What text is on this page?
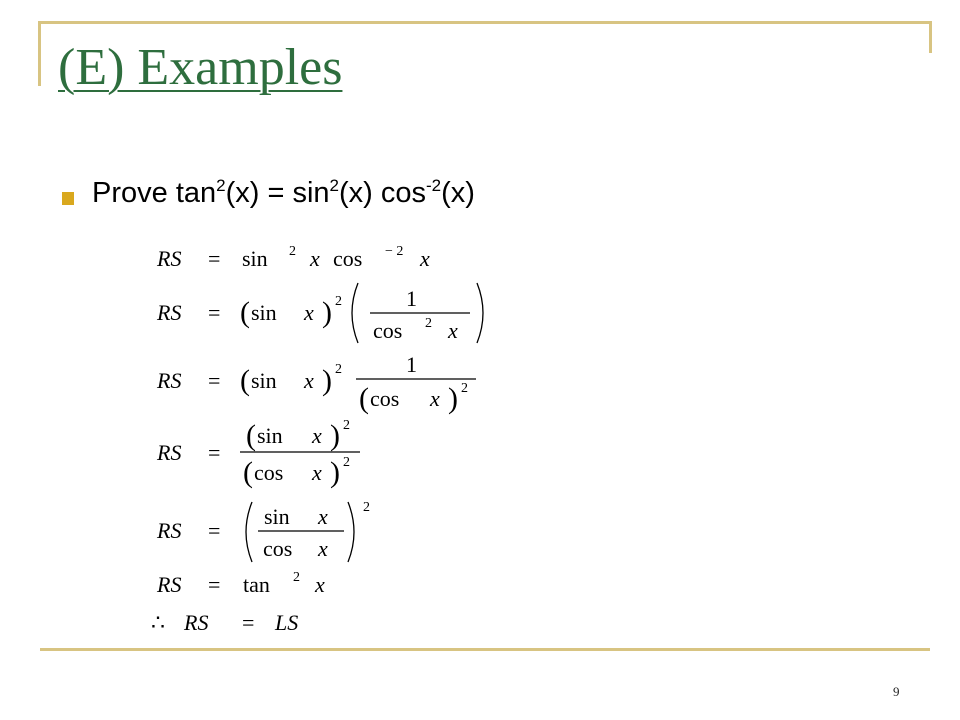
(E) Examples
Prove $\tan^2(x) = \sin^2(x)$ $\cos^{-2}(x)$
RS = sin 2 x cos − 2 x
RS = ( sin x ) 2	1
cos 2 x
RS = ( sin x ) 2	1
( cos x ) 2
RS =
( sin x ) 2
( cos x ) 2
RS =
sin x
cos x
2
RS = tan 2 x
∴ RS = LS
9
